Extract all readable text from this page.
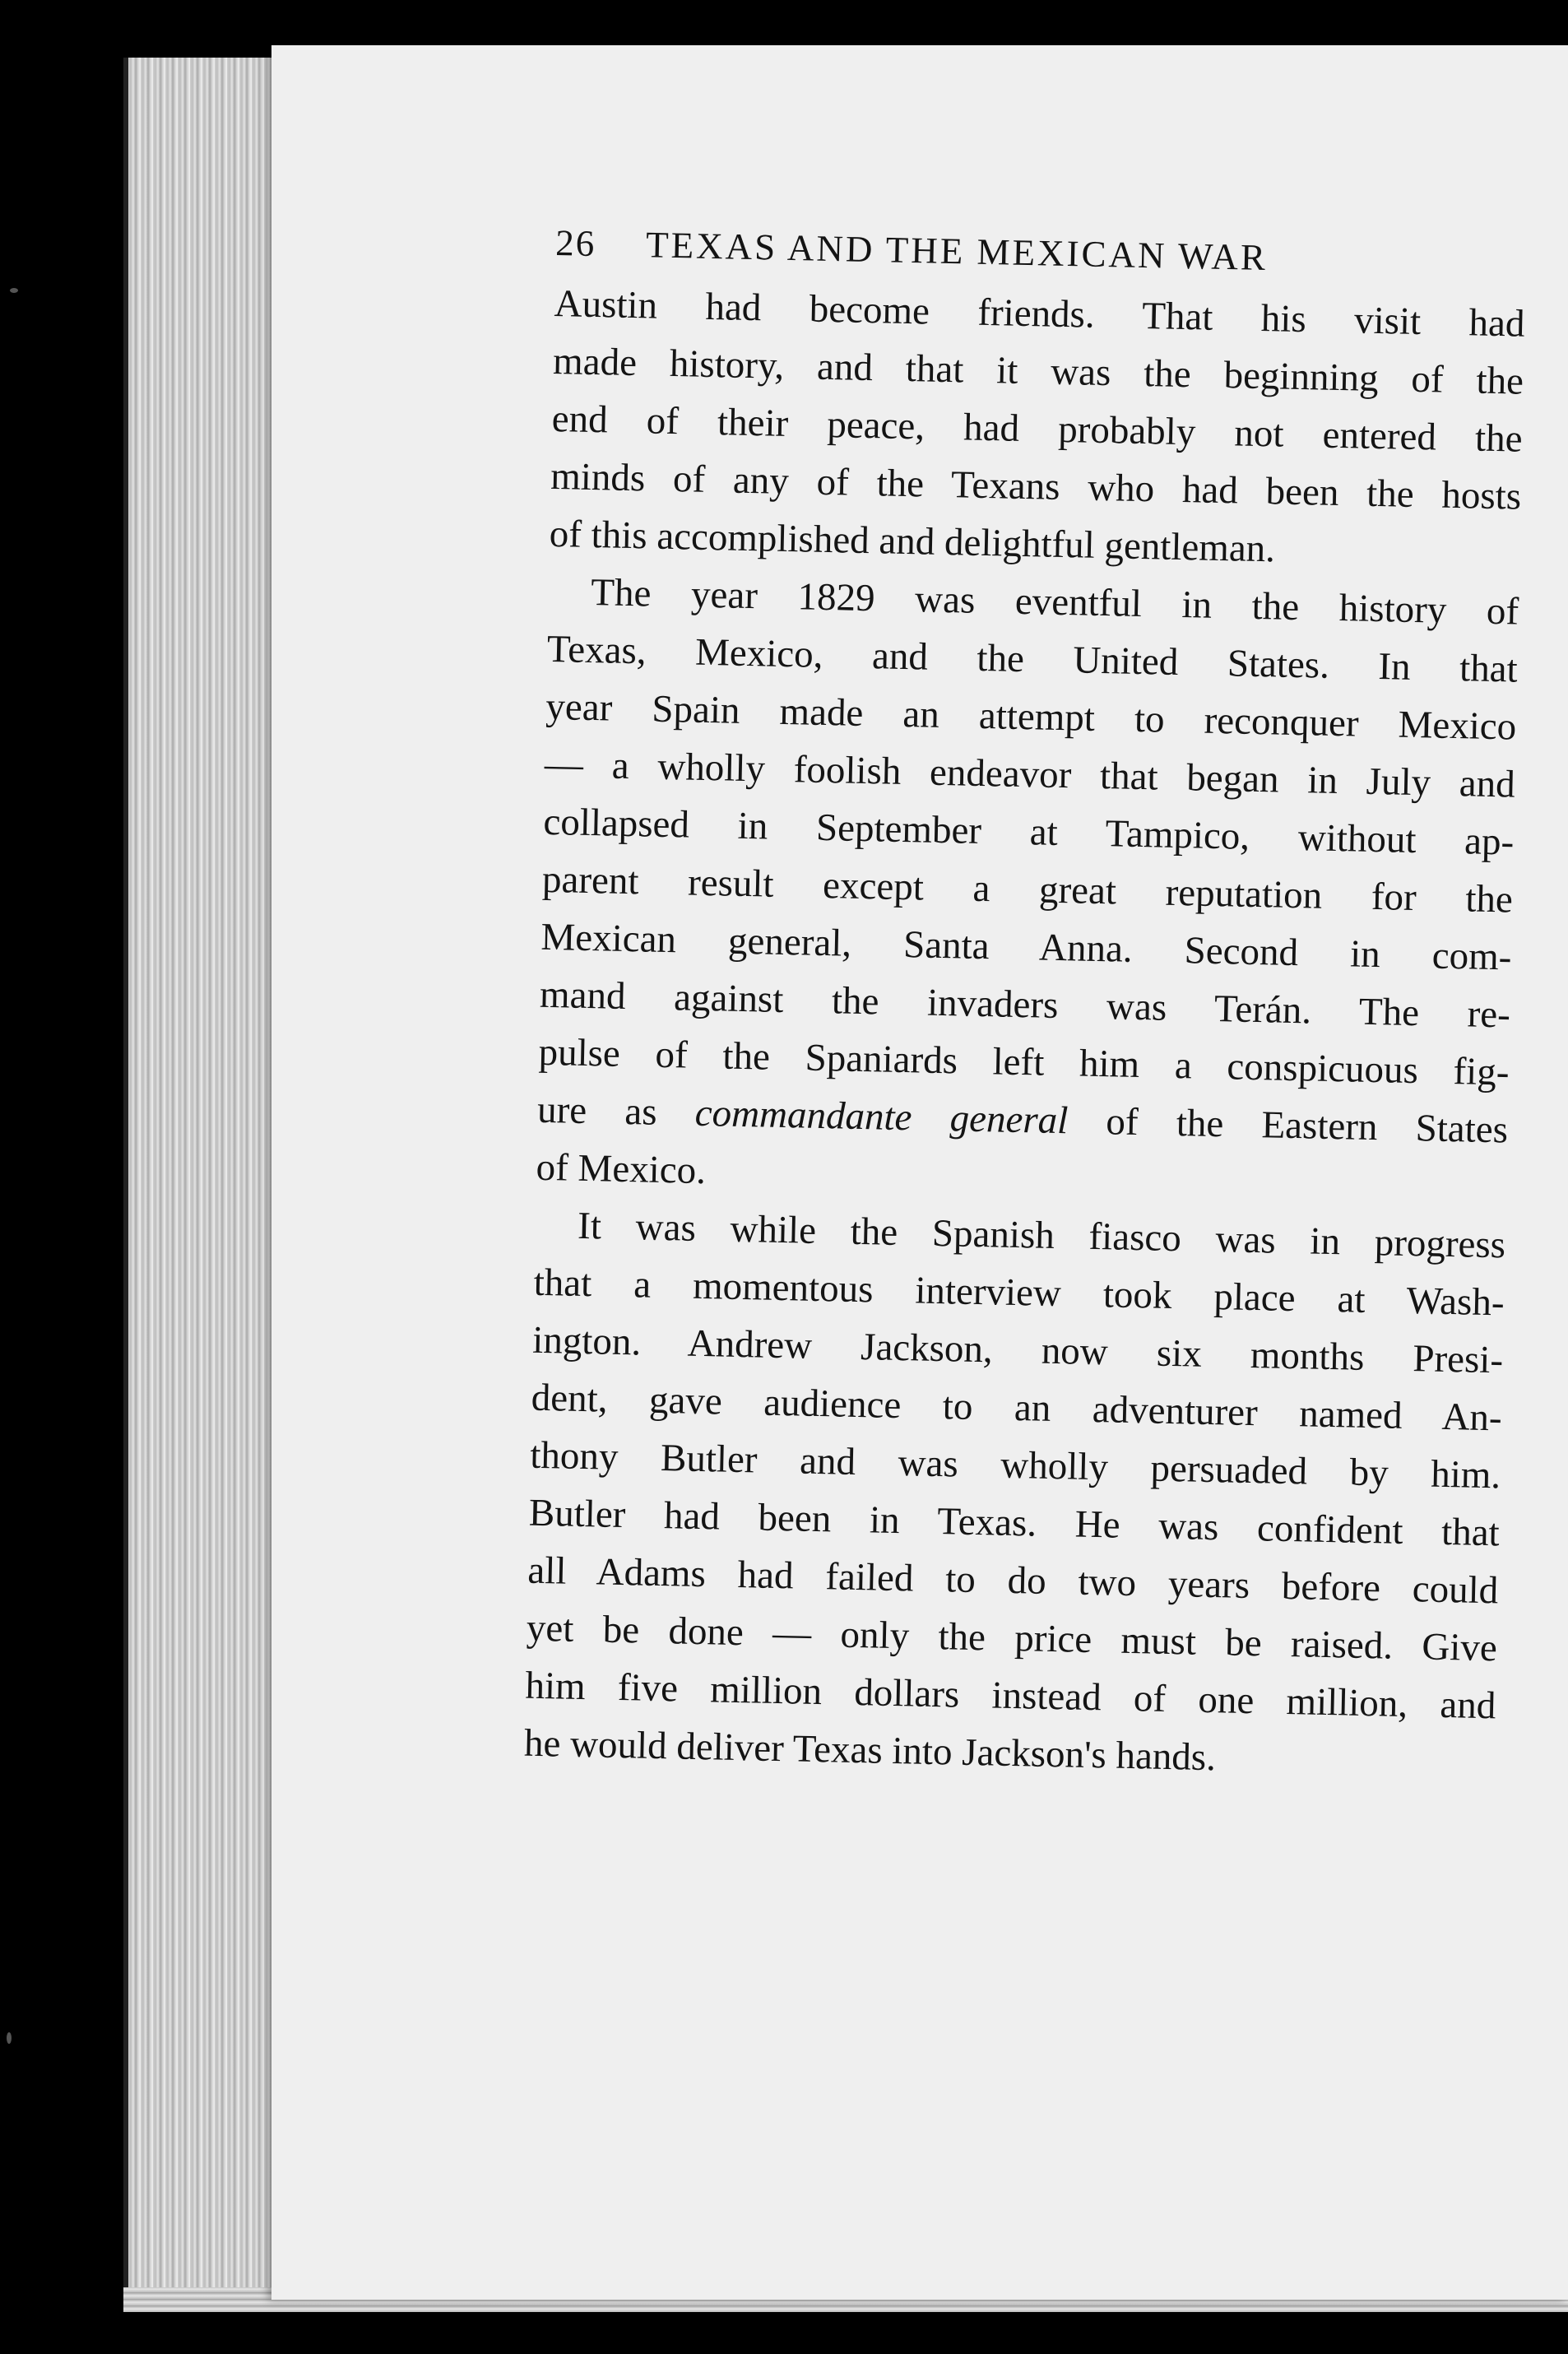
26	TEXAS AND THE MEXICAN WAR
Austin had become friends. That his visit had
made history, and that it was the beginning of the
end of their peace, had probably not entered the
minds of any of the Texans who had been the hosts
of this accomplished and delightful gentleman.
The year 1829 was eventful in the history of
Texas, Mexico, and the United States. In that
year Spain made an attempt to reconquer Mexico
— a wholly foolish endeavor that began in July and
collapsed in September at Tampico, without ap-
parent result except a great reputation for the
Mexican general, Santa Anna. Second in com-
mand against the invaders was Terán. The re-
pulse of the Spaniards left him a conspicuous fig-
ure as commandante general of the Eastern States
of Mexico.
It was while the Spanish fiasco was in progress
that a momentous interview took place at Wash-
ington. Andrew Jackson, now six months Presi-
dent, gave audience to an adventurer named An-
thony Butler and was wholly persuaded by him.
Butler had been in Texas. He was confident that
all Adams had failed to do two years before could
yet be done — only the price must be raised. Give
him five million dollars instead of one million, and
he would deliver Texas into Jackson's hands.
